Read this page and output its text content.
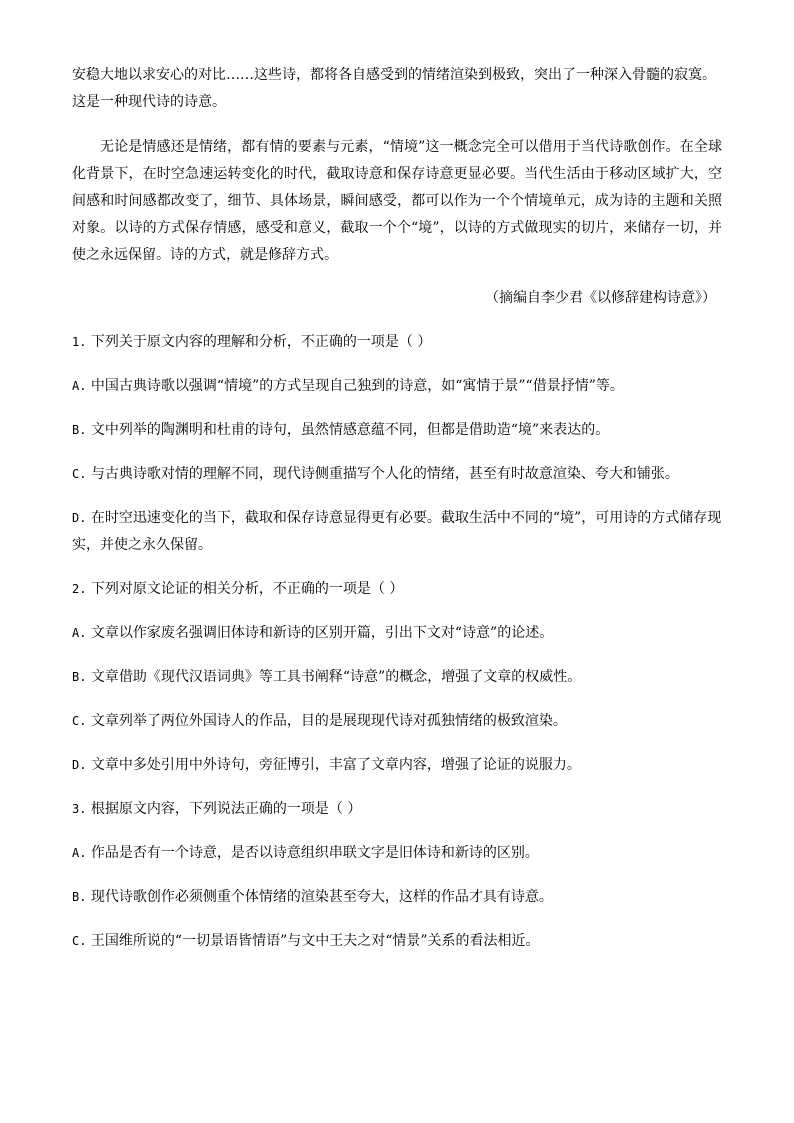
安稳大地以求安心的对比……这些诗，都将各自感受到的情绪渲染到极致，突出了一种深入骨髓的寂寞。
这是一种现代诗的诗意。

无论是情感还是情绪，都有情的要素与元素，“情境”这一概念完全可以借用于当代诗歌创作。在全球化背景下，在时空急速运转变化的时代，截取诗意和保存诗意更显必要。当代生活由于移动区域扩大，空间感和时间感都改变了，细节、具体场景，瞬间感受，都可以作为一个个情境单元，成为诗的主题和关照对象。以诗的方式保存情感，感受和意义，截取一个个“境”，以诗的方式做现实的切片，来储存一切，并使之永远保留。诗的方式，就是修辞方式。

（摘编自李少君《以修辞建构诗意》）
1. 下列关于原文内容的理解和分析，不正确的一项是（ ）
A. 中国古典诗歌以强调“情境”的方式呈现自己独到的诗意，如“寓情于景”“借景抒情”等。
B. 文中列举的陶渊明和杜甫的诗句，虽然情感意蕴不同，但都是借助造“境”来表达的。
C. 与古典诗歌对情的理解不同，现代诗侧重描写个人化的情绪，甚至有时故意渲染、夸大和铺张。
D. 在时空迅速变化的当下，截取和保存诗意显得更有必要。截取生活中不同的“境”，可用诗的方式储存现实，并使之永久保留。
2. 下列对原文论证的相关分析，不正确的一项是（ ）
A. 文章以作家废名强调旧体诗和新诗的区别开篇，引出下文对“诗意”的论述。
B. 文章借助《现代汉语词典》等工具书阐释“诗意”的概念，增强了文章的权威性。
C. 文章列举了两位外国诗人的作品，目的是展现现代诗对孤独情绪的极致渲染。
D. 文章中多处引用中外诗句，旁征博引，丰富了文章内容，增强了论证的说服力。
3. 根据原文内容，下列说法正确的一项是（ ）
A. 作品是否有一个诗意，是否以诗意组织串联文字是旧体诗和新诗的区别。
B. 现代诗歌创作必须侧重个体情绪的渲染甚至夸大，这样的作品才具有诗意。
C. 王国维所说的“一切景语皆情语”与文中王夫之对“情景”关系的看法相近。
